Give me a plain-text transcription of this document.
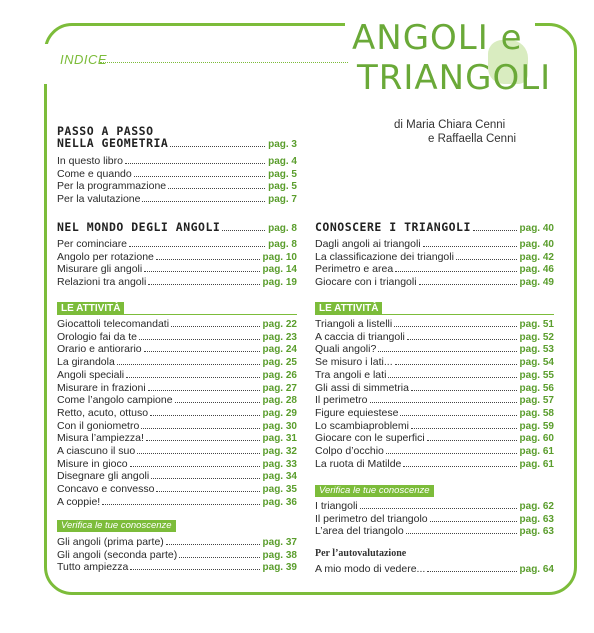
ANGOLI e
TRIANGOLI
INDICE
di Maria Chiara Cenni
e Raffaella Cenni
PASSO A PASSO
NELLA GEOMETRIA	pag. 3
In questo libro	pag. 4
Come e quando	pag. 5
Per la programmazione	pag. 5
Per la valutazione	pag. 7
NEL MONDO DEGLI ANGOLI	pag. 8
Per cominciare	pag. 8
Angolo per rotazione	pag. 10
Misurare gli angoli	pag. 14
Relazioni tra angoli	pag. 19
LE ATTIVITÀ
Giocattoli telecomandati	pag. 22
Orologio fai da te	pag. 23
Orario e antiorario	pag. 24
La girandola	pag. 25
Angoli speciali	pag. 26
Misurare in frazioni	pag. 27
Come l’angolo campione	pag. 28
Retto, acuto, ottuso	pag. 29
Con il goniometro	pag. 30
Misura l’ampiezza!	pag. 31
A ciascuno il suo	pag. 32
Misure in gioco	pag. 33
Disegnare gli angoli	pag. 34
Concavo e convesso	pag. 35
A coppie!	pag. 36
Verifica le tue conoscenze
Gli angoli (prima parte)	pag. 37
Gli angoli (seconda parte)	pag. 38
Tutto ampiezza	pag. 39
CONOSCERE I TRIANGOLI	pag. 40
Dagli angoli ai triangoli	pag. 40
La classificazione dei triangoli	pag. 42
Perimetro e area	pag. 46
Giocare con i triangoli	pag. 49
LE ATTIVITÀ
Triangoli a listelli	pag. 51
A caccia di triangoli	pag. 52
Quali angoli?	pag. 53
Se misuro i lati...	pag. 54
Tra angoli e lati	pag. 55
Gli assi di simmetria	pag. 56
Il perimetro	pag. 57
Figure equiestese	pag. 58
Lo scambiaproblemi	pag. 59
Giocare con le superfici	pag. 60
Colpo d’occhio	pag. 61
La ruota di Matilde	pag. 61
Verifica le tue conoscenze
I triangoli	pag. 62
Il perimetro del triangolo	pag. 63
L’area del triangolo	pag. 63
Per l’autovalutazione
A mio modo di vedere...	pag. 64
